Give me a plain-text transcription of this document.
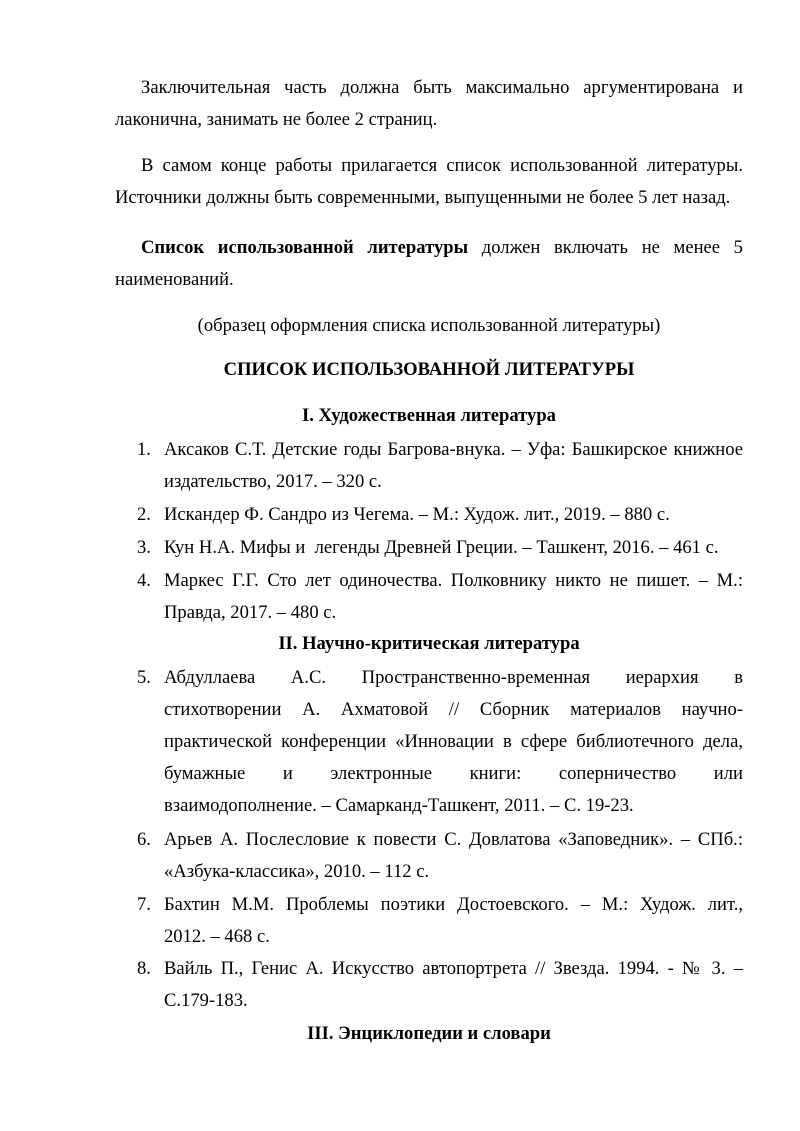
Заключительная часть должна быть максимально аргументирована и
лаконична, занимать не более 2 страниц.

В самом конце работы прилагается список использованной литературы.
Источники должны быть современными, выпущенными не более 5 лет назад.

Список использованной литературы должен включать не менее 5
наименований.

(образец оформления списка использованной литературы)

СПИСОК ИСПОЛЬЗОВАННОЙ ЛИТЕРАТУРЫ

I. Художественная литература

1. Аксаков С.Т. Детские годы Багрова-внука. – Уфа: Башкирское книжное
издательство, 2017. – 320 с.
2. Искандер Ф. Сандро из Чегема. – М.: Худож. лит., 2019. – 880 с.
3. Кун Н.А. Мифы и  легенды Древней Греции. – Ташкент, 2016. – 461 с.
4. Маркес Г.Г. Сто лет одиночества. Полковнику никто не пишет. – М.:
Правда, 2017. – 480 с.

II. Научно-критическая литература

5. Абдуллаева А.С. Пространственно-временная иерархия в
стихотворении А. Ахматовой // Сборник материалов научно-
практической конференции «Инновации в сфере библиотечного дела,
бумажные и электронные книги: соперничество или
взаимодополнение. – Самарканд-Ташкент, 2011. – С. 19-23.
6. Арьев А. Послесловие к повести С. Довлатова «Заповедник». – СПб.:
«Азбука-классика», 2010. – 112 с.
7. Бахтин М.М. Проблемы поэтики Достоевского. – М.: Худож. лит.,
2012. – 468 с.
8. Вайль П., Генис А. Искусство автопортрета // Звезда. 1994. - № 3. –
С.179-183.

III. Энциклопедии и словари
